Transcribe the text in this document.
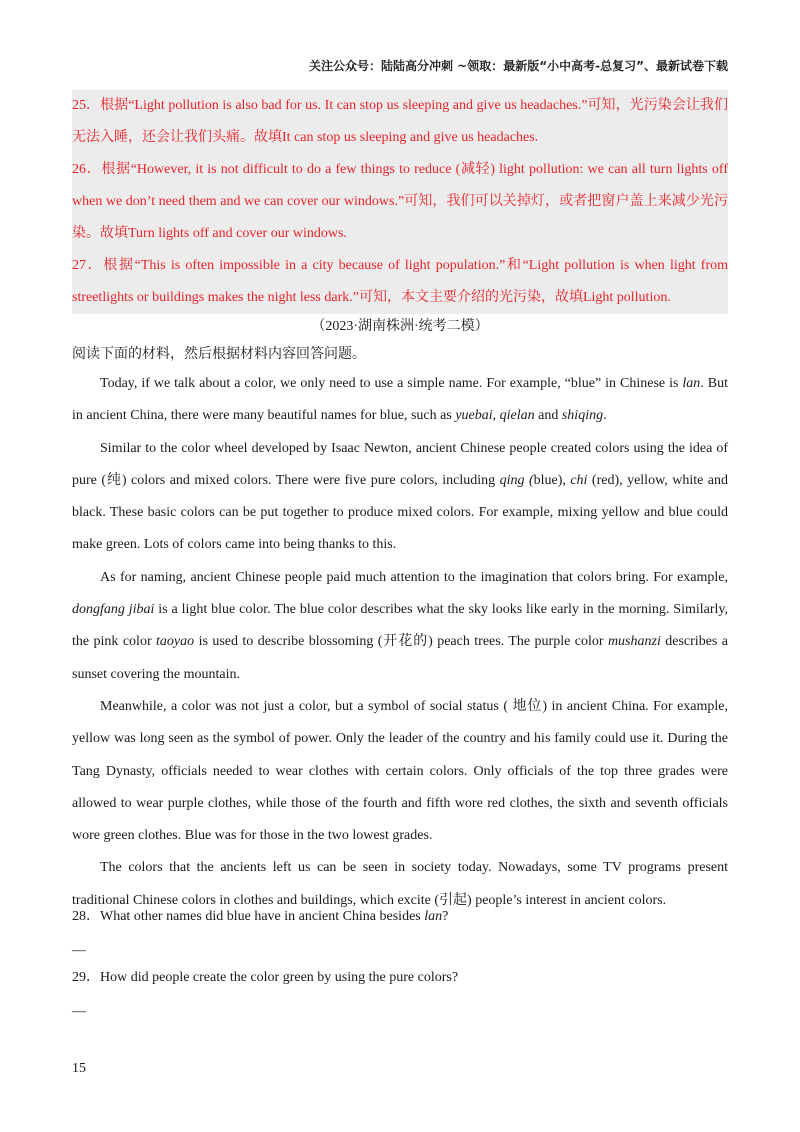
关注公众号：陆陆高分冲刺 ~领取：最新版“小中高考-总复习”、最新试卷下载

25．根据“Light pollution is also bad for us. It can stop us sleeping and give us headaches.”可知，光污染会让我们无法入睡，还会让我们头痛。故填It can stop us sleeping and give us headaches.

26．根据“However, it is not difficult to do a few things to reduce (减轻) light pollution: we can all turn lights off when we don’t need them and we can cover our windows.”可知，我们可以关掉灯，或者把窗户盖上来减少光污染。故填Turn lights off and cover our windows.

27．根据“This is often impossible in a city because of light population.”和“Light pollution is when light from streetlights or buildings makes the night less dark.”可知，本文主要介绍的光污染，故填Light pollution.

（2023·湖南株洲·统考二模）
阅读下面的材料，然后根据材料内容回答问题。

Today, if we talk about a color, we only need to use a simple name. For example, “blue” in Chinese is lan. But in ancient China, there were many beautiful names for blue, such as yuebai, qielan and shiqing.

Similar to the color wheel developed by Isaac Newton, ancient Chinese people created colors using the idea of pure (纯) colors and mixed colors. There were five pure colors, including qing (blue), chi (red), yellow, white and black. These basic colors can be put together to produce mixed colors. For example, mixing yellow and blue could make green. Lots of colors came into being thanks to this.

As for naming, ancient Chinese people paid much attention to the imagination that colors bring. For example, dongfang jibai is a light blue color. The blue color describes what the sky looks like early in the morning. Similarly, the pink color taoyao is used to describe blossoming (开花的) peach trees. The purple color mushanzi describes a sunset covering the mountain.

Meanwhile, a color was not just a color, but a symbol of social status ( 地位) in ancient China. For example, yellow was long seen as the symbol of power. Only the leader of the country and his family could use it. During the Tang Dynasty, officials needed to wear clothes with certain colors. Only officials of the top three grades were allowed to wear purple clothes, while those of the fourth and fifth wore red clothes, the sixth and seventh officials wore green clothes. Blue was for those in the two lowest grades.

The colors that the ancients left us can be seen in society today. Nowadays, some TV programs present traditional Chinese colors in clothes and buildings, which excite (引起) people’s interest in ancient colors.

28．What other names did blue have in ancient China besides lan?
—
29．How did people create the color green by using the pure colors?
—
15
